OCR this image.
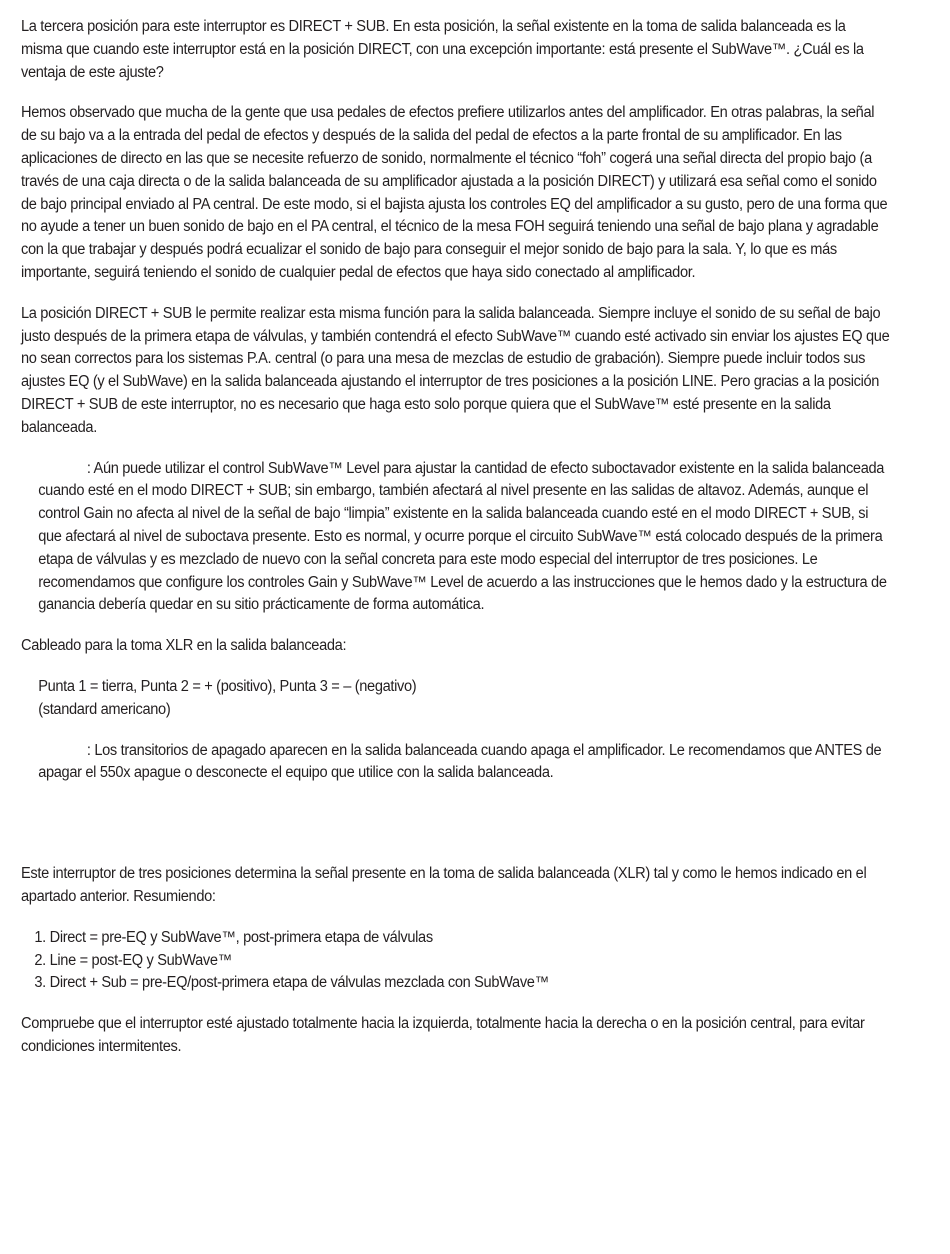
La tercera posición para este interruptor es DIRECT + SUB. En esta posición, la señal existente en la toma de salida balanceada es la misma que cuando este interruptor está en la posición DIRECT, con una excepción importante: está presente el SubWave™. ¿Cuál es la ventaja de este ajuste?

Hemos observado que mucha de la gente que usa pedales de efectos prefiere utilizarlos antes del amplificador. En otras palabras, la señal de su bajo va a la entrada del pedal de efectos y después de la salida del pedal de efectos a la parte frontal de su amplificador. En las aplicaciones de directo en las que se necesite refuerzo de sonido, normalmente el técnico “foh” cogerá una señal directa del propio bajo (a través de una caja directa o de la salida balanceada de su amplificador ajustada a la posición DIRECT) y utilizará esa señal como el sonido de bajo principal enviado al PA central. De este modo, si el bajista ajusta los controles EQ del amplificador a su gusto, pero de una forma que no ayude a tener un buen sonido de bajo en el PA central, el técnico de la mesa FOH seguirá teniendo una señal de bajo plana y agradable con la que trabajar y después podrá ecualizar el sonido de bajo para conseguir el mejor sonido de bajo para la sala. Y, lo que es más importante, seguirá teniendo el sonido de cualquier pedal de efectos que haya sido conectado al amplificador.

La posición DIRECT + SUB le permite realizar esta misma función para la salida balanceada. Siempre incluye el sonido de su señal de bajo justo después de la primera etapa de válvulas, y también contendrá el efecto SubWave™ cuando esté activado sin enviar los ajustes EQ que no sean correctos para los sistemas P.A. central (o para una mesa de mezclas de estudio de grabación). Siempre puede incluir todos sus ajustes EQ (y el SubWave) en la salida balanceada ajustando el interruptor de tres posiciones a la posición LINE. Pero gracias a la posición DIRECT + SUB de este interruptor, no es necesario que haga esto solo porque quiera que el SubWave™ esté presente en la salida balanceada.

: Aún puede utilizar el control SubWave™ Level para ajustar la cantidad de efecto suboctavador existente en la salida balanceada cuando esté en el modo DIRECT + SUB; sin embargo, también afectará al nivel presente en las salidas de altavoz. Además, aunque el control Gain no afecta al nivel de la señal de bajo “limpia” existente en la salida balanceada cuando esté en el modo DIRECT + SUB, si que afectará al nivel de suboctava presente. Esto es normal, y ocurre porque el circuito SubWave™ está colocado después de la primera etapa de válvulas y es mezclado de nuevo con la señal concreta para este modo especial del interruptor de tres posiciones. Le recomendamos que configure los controles Gain y SubWave™ Level de acuerdo a las instrucciones que le hemos dado y la estructura de ganancia debería quedar en su sitio prácticamente de forma automática.

Cableado para la toma XLR en la salida balanceada:

Punta 1 = tierra, Punta 2 = + (positivo), Punta 3 = – (negativo)

(standard americano)

: Los transitorios de apagado aparecen en la salida balanceada cuando apaga el amplificador. Le recomendamos que ANTES de apagar el 550x apague o desconecte el equipo que utilice con la salida balanceada.

Este interruptor de tres posiciones determina la señal presente en la toma de salida balanceada (XLR) tal y como le hemos indicado en el apartado anterior. Resumiendo:

1. Direct = pre-EQ y SubWave™, post-primera etapa de válvulas
2. Line = post-EQ y SubWave™
3. Direct + Sub = pre-EQ/post-primera etapa de válvulas mezclada con SubWave™

Compruebe que el interruptor esté ajustado totalmente hacia la izquierda, totalmente hacia la derecha o en la posición central, para evitar condiciones intermitentes.
